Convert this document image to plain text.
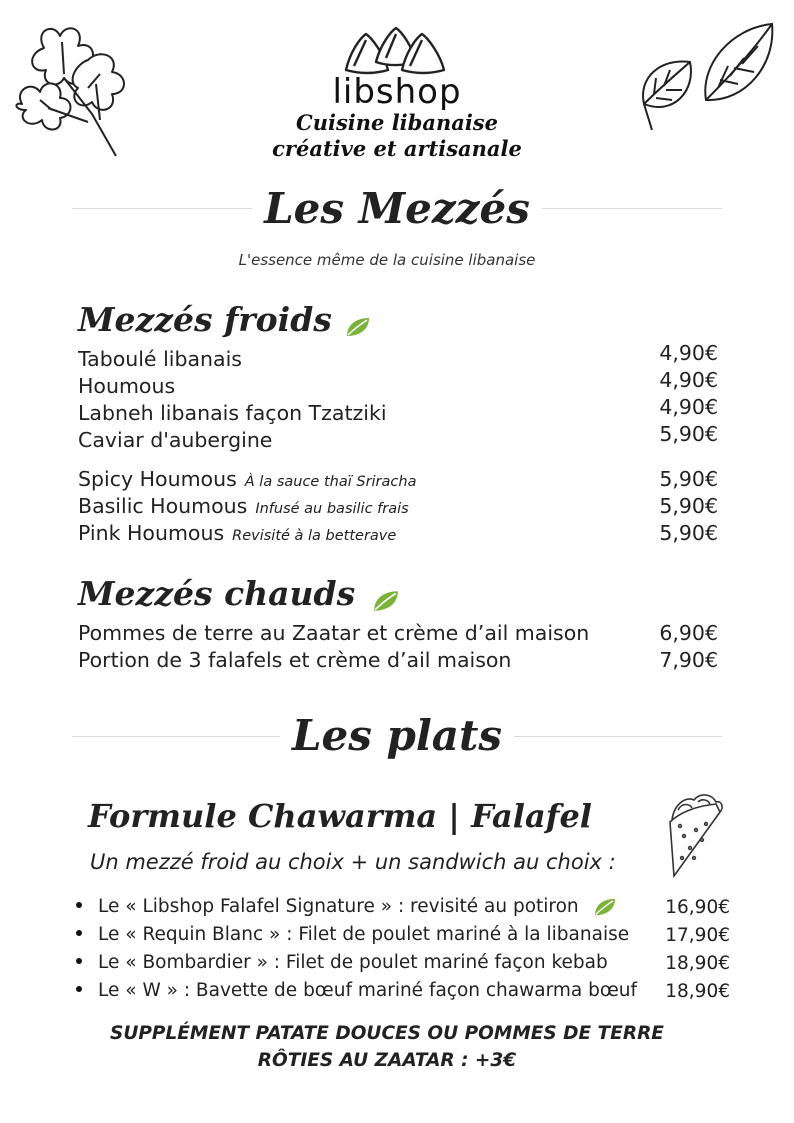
libshop
Cuisine libanaise
créative et artisanale
Les Mezzés
L'essence même de la cuisine libanaise
Mezzés froids
Taboulé libanais
Houmous
Labneh libanais façon Tzatziki
Caviar d'aubergine
4,90€
4,90€
4,90€
5,90€
Spicy Houmous À la sauce thaï Sriracha
Basilic Houmous Infusé au basilic frais
Pink Houmous Revisité à la betterave
5,90€
5,90€
5,90€
Mezzés chauds
Pommes de terre au Zaatar et crème d’ail maison
Portion de 3 falafels et crème d’ail maison
6,90€
7,90€
Les plats
Formule Chawarma | Falafel
Un mezzé froid au choix + un sandwich au choix :
Le « Libshop Falafel Signature » : revisité au potiron
Le « Requin Blanc » : Filet de poulet mariné à la libanaise
Le « Bombardier » : Filet de poulet mariné façon kebab
Le « W » : Bavette de bœuf mariné façon chawarma bœuf
16,90€
17,90€
18,90€
18,90€
SUPPLÉMENT PATATE DOUCES OU POMMES DE TERRE
RÔTIES AU ZAATAR : +3€
